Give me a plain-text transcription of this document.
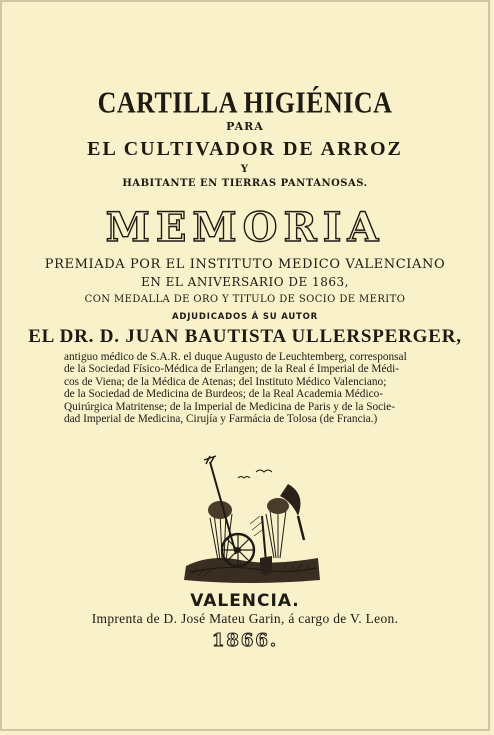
CARTILLA HIGIÉNICA
PARA
EL CULTIVADOR DE ARROZ
Y
HABITANTE EN TIERRAS PANTANOSAS.
MEMORIA
PREMIADA POR EL INSTITUTO MEDICO VALENCIANO
EN EL ANIVERSARIO DE 1863,
CON MEDALLA DE ORO Y TITULO DE SOCIO DE MERITO
ADJUDICADOS Á SU AUTOR
EL DR. D. JUAN BAUTISTA ULLERSPERGER,
antiguo médico de S.A.R. el duque Augusto de Leuchtemberg, corresponsal
de la Sociedad Físico-Médica de Erlangen; de la Real é Imperial de Médi-
cos de Viena; de la Médica de Atenas; del Instituto Médico Valenciano;
de la Sociedad de Medicina de Burdeos; de la Real Academia Médico-
Quirúrgica Matritense; de la Imperial de Medicina de Paris y de la Socie-
dad Imperial de Medicina, Cirujía y Farmácia de Tolosa (de Francia.)
VALENCIA.
Imprenta de D. José Mateu Garin, á cargo de V. Leon.
1866.
